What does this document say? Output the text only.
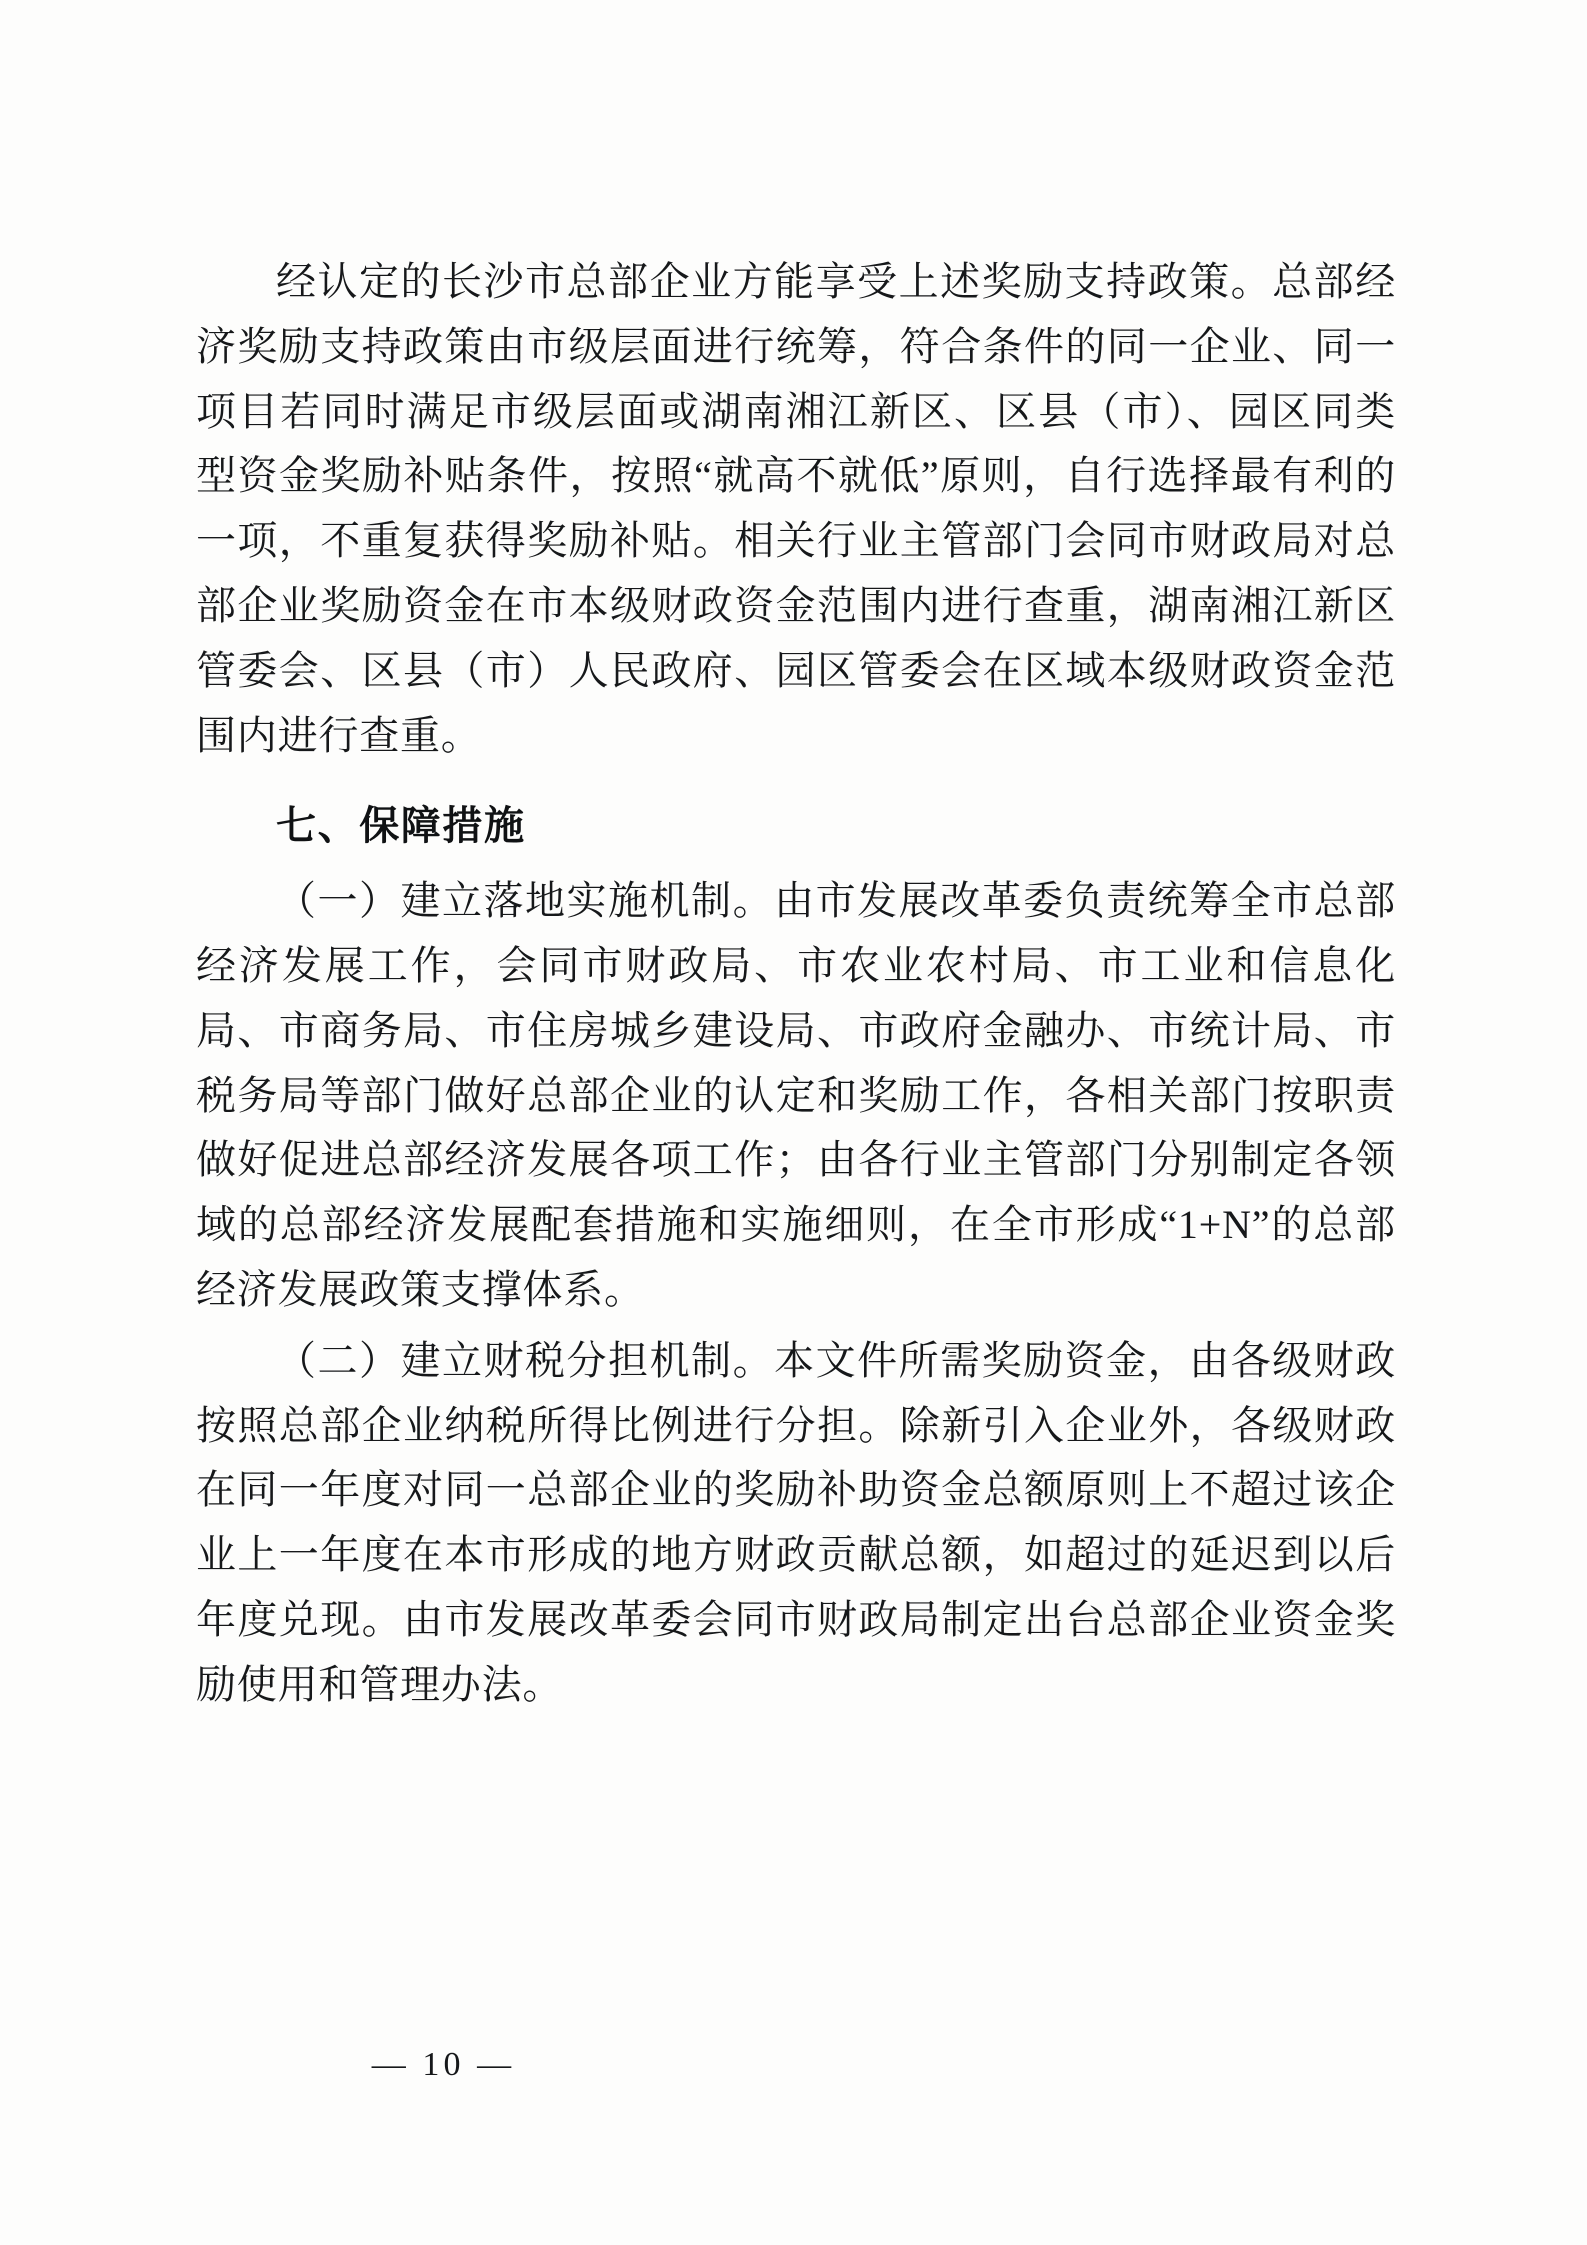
经认定的长沙市总部企业方能享受上述奖励支持政策。总部经济奖励支持政策由市级层面进行统筹，符合条件的同一企业、同一项目若同时满足市级层面或湖南湘江新区、区县（市）、园区同类型资金奖励补贴条件，按照“就高不就低”原则，自行选择最有利的一项，不重复获得奖励补贴。相关行业主管部门会同市财政局对总部企业奖励资金在市本级财政资金范围内进行查重，湖南湘江新区管委会、区县（市）人民政府、园区管委会在区域本级财政资金范围内进行查重。

七、保障措施

（一）建立落地实施机制。由市发展改革委负责统筹全市总部经济发展工作，会同市财政局、市农业农村局、市工业和信息化局、市商务局、市住房城乡建设局、市政府金融办、市统计局、市税务局等部门做好总部企业的认定和奖励工作，各相关部门按职责做好促进总部经济发展各项工作；由各行业主管部门分别制定各领域的总部经济发展配套措施和实施细则，在全市形成“1+N”的总部经济发展政策支撑体系。

（二）建立财税分担机制。本文件所需奖励资金，由各级财政按照总部企业纳税所得比例进行分担。除新引入企业外，各级财政在同一年度对同一总部企业的奖励补助资金总额原则上不超过该企业上一年度在本市形成的地方财政贡献总额，如超过的延迟到以后年度兑现。由市发展改革委会同市财政局制定出台总部企业资金奖励使用和管理办法。

— 10 —
